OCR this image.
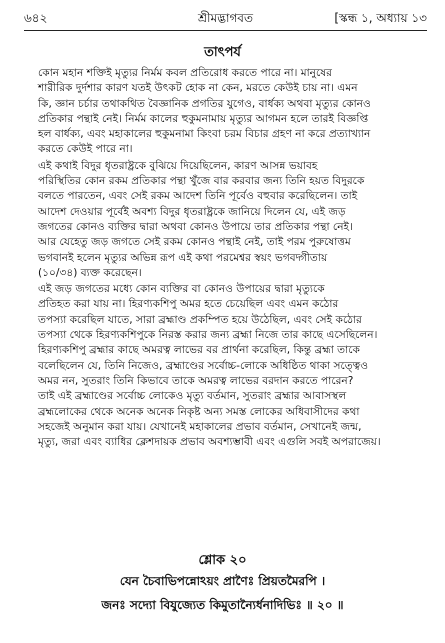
শ্রীমদ্ভাগবত
৬৪২	[স্কন্ধ ১, অধ্যায় ১৩
তাৎপর্য

কোন মহান শক্তিই মৃত্যুর নির্মম কবল প্রতিরোধ করতে পারে না। মানুষের
শারীরিক দুর্দশার কারণ যতই উৎকট হোক না কেন, মরতে কেউই চায় না। এমন
কি, জ্ঞান চর্চার তথাকথিত বৈজ্ঞানিক প্রগতির যুগেও, বার্ধক্য অথবা মৃত্যুর কোনও
প্রতিকার পন্থাই নেই। নির্মম কালের হুকুমনামায় মৃত্যুর আগমন হলে তারই বিজ্ঞপ্তি
হল বার্ধক্য, এবং মহাকালের হুকুমনামা কিংবা চরম বিচার গ্রহণ না করে প্রত্যাখ্যান
করতে কেউই পারে না।

এই কথাই বিদুর ধৃতরাষ্ট্রকে বুঝিয়ে দিয়েছিলেন, কারণ আসন্ন ভয়াবহ
পরিস্থিতির কোন রকম প্রতিকার পন্থা খুঁজে বার করবার জন্য তিনি হয়ত বিদুরকে
বলতে পারতেন, এবং সেই রকম আদেশ তিনি পূর্বেও বহুবার করেছিলেন। তাই
আদেশ দেওয়ার পূর্বেই অবশ্য বিদুর ধৃতরাষ্ট্রকে জানিয়ে দিলেন যে, এই জড়
জগতের কোনও ব্যক্তির দ্বারা অথবা কোনও উপায়ে তার প্রতিকার পন্থা নেই।
আর যেহেতু জড় জগতে সেই রকম কোনও পন্থাই নেই, তাই পরম পুরুষোত্তম
ভগবানই হলেন মৃত্যুর অভিন্ন রূপ এই কথা পরমেশ্বর স্বয়ং ভগবদ্গীতায়
(১০/৩৪) ব্যক্ত করেছেন।

এই জড় জগতের মধ্যে কোন ব্যক্তির বা কোনও উপায়ের দ্বারা মৃত্যুকে
প্রতিহত করা যায় না। হিরণ্যকশিপু অমর হতে চেয়েছিল এবং এমন কঠোর
তপস্যা করেছিল যাতে, সারা ব্রহ্মাণ্ড প্রকম্পিত হয়ে উঠেছিল, এবং সেই কঠোর
তপস্যা থেকে হিরণ্যকশিপুকে নিরস্ত করার জন্য ব্রহ্মা নিজে তার কাছে এসেছিলেন।
হিরণ্যকশিপু ব্রহ্মার কাছে অমরত্ব লাভের বর প্রার্থনা করেছিল, কিন্তু ব্রহ্মা তাকে
বলেছিলেন যে, তিনি নিজেও, ব্রহ্মাণ্ডের সর্বোচ্চ-লোকে অধিষ্ঠিত থাকা সত্ত্বেও
অমর নন, সুতরাং তিনি কিভাবে তাকে অমরত্ব লাভের বরদান করতে পারেন?
তাই এই ব্রহ্মাণ্ডের সর্বোচ্চ লোকেও মৃত্যু বর্তমান, সুতরাং ব্রহ্মার আবাসস্থল
ব্রহ্মলোকের থেকে অনেক অনেক নিকৃষ্ট অন্য সমস্ত লোকের অধিবাসীদের কথা
সহজেই অনুমান করা যায়। যেখানেই মহাকালের প্রভাব বর্তমান, সেখানেই জন্ম,
মৃত্যু, জরা এবং ব্যাধির ক্লেশদায়ক প্রভাব অবশ্যম্ভাবী এবং এগুলি সবই অপরাজেয়।

শ্লোক ২০
যেন চৈবাভিপন্নোঽয়ং প্রাণৈঃ প্রিয়তমৈরপি ।
জনঃ সদ্যো বিযুজ্যেত কিমুতান্যৈর্ধনাদিভিঃ ॥ ২০ ॥
